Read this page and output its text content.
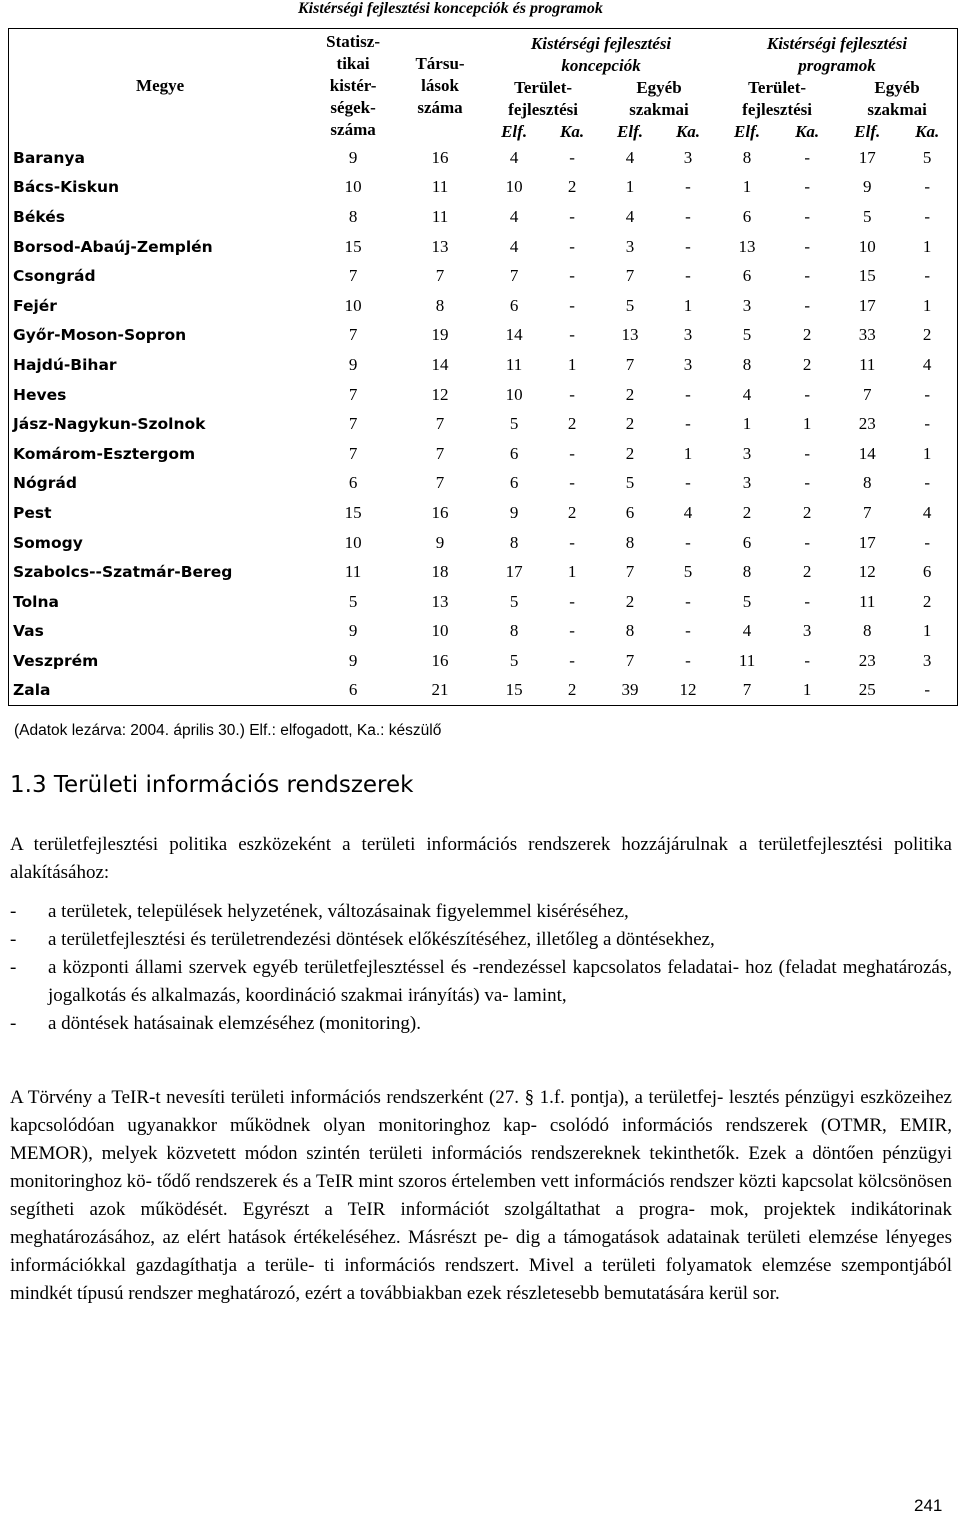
Kistérségi fejlesztési koncepciók és programok
Megye	Statisz- tikai kistér- ségek- száma	Társu- lások száma	Kistérségi fejlesztési koncepciók				Kistérségi fejlesztési programok			
			Terület- fejlesztési		Egyéb szakmai		Terület- fejlesztési		Egyéb szakmai	
			Elf.	Ka.	Elf.	Ka.	Elf.	Ka.	Elf.	Ka.
Baranya	9	16	4	-	4	3	8	-	17	5
Bács-Kiskun	10	11	10	2	1	-	1	-	9	-
Békés	8	11	4	-	4	-	6	-	5	-
Borsod-Abaúj-Zemplén	15	13	4	-	3	-	13	-	10	1
Csongrád	7	7	7	-	7	-	6	-	15	-
Fejér	10	8	6	-	5	1	3	-	17	1
Győr-Moson-Sopron	7	19	14	-	13	3	5	2	33	2
Hajdú-Bihar	9	14	11	1	7	3	8	2	11	4
Heves	7	12	10	-	2	-	4	-	7	-
Jász-Nagykun-Szolnok	7	7	5	2	2	-	1	1	23	-
Komárom-Esztergom	7	7	6	-	2	1	3	-	14	1
Nógrád	6	7	6	-	5	-	3	-	8	-
Pest	15	16	9	2	6	4	2	2	7	4
Somogy	10	9	8	-	8	-	6	-	17	-
Szabolcs--Szatmár-Bereg	11	18	17	1	7	5	8	2	12	6
Tolna	5	13	5	-	2	-	5	-	11	2
Vas	9	10	8	-	8	-	4	3	8	1
Veszprém	9	16	5	-	7	-	11	-	23	3
Zala	6	21	15	2	39	12	7	1	25	-
(Adatok lezárva: 2004. április 30.) Elf.: elfogadott, Ka.: készülő
1.3 Területi információs rendszerek
A területfejlesztési politika eszközeként a területi információs rendszerek hozzájárulnak a területfejlesztési politika alakításához:
- a területek, települések helyzetének, változásainak figyelemmel kiséréséhez,
- a területfejlesztési és területrendezési döntések előkészítéséhez, illetőleg a döntésekhez,
- a központi állami szervek egyéb területfejlesztéssel és -rendezéssel kapcsolatos feladatai- hoz (feladat meghatározás, jogalkotás és alkalmazás, koordináció szakmai irányítás) va- lamint,
- a döntések hatásainak elemzéséhez (monitoring).
A Törvény a TeIR-t nevesíti területi információs rendszerként (27. § 1.f. pontja), a területfej- lesztés pénzügyi eszközeihez kapcsolódóan ugyanakkor működnek olyan monitoringhoz kap- csolódó információs rendszerek (OTMR, EMIR, MEMOR), melyek közvetett módon szintén területi információs rendszereknek tekinthetők. Ezek a döntően pénzügyi monitoringhoz kö- tődő rendszerek és a TeIR mint szoros értelemben vett információs rendszer közti kapcsolat kölcsönösen segítheti azok működését. Egyrészt a TeIR információt szolgáltathat a progra- mok, projektek indikátorinak meghatározásához, az elért hatások értékeléséhez. Másrészt pe- dig a támogatások adatainak területi elemzése lényeges információkkal gazdagíthatja a terüle- ti információs rendszert. Mivel a területi folyamatok elemzése szempontjából mindkét típusú rendszer meghatározó, ezért a továbbiakban ezek részletesebb bemutatására kerül sor.
241
